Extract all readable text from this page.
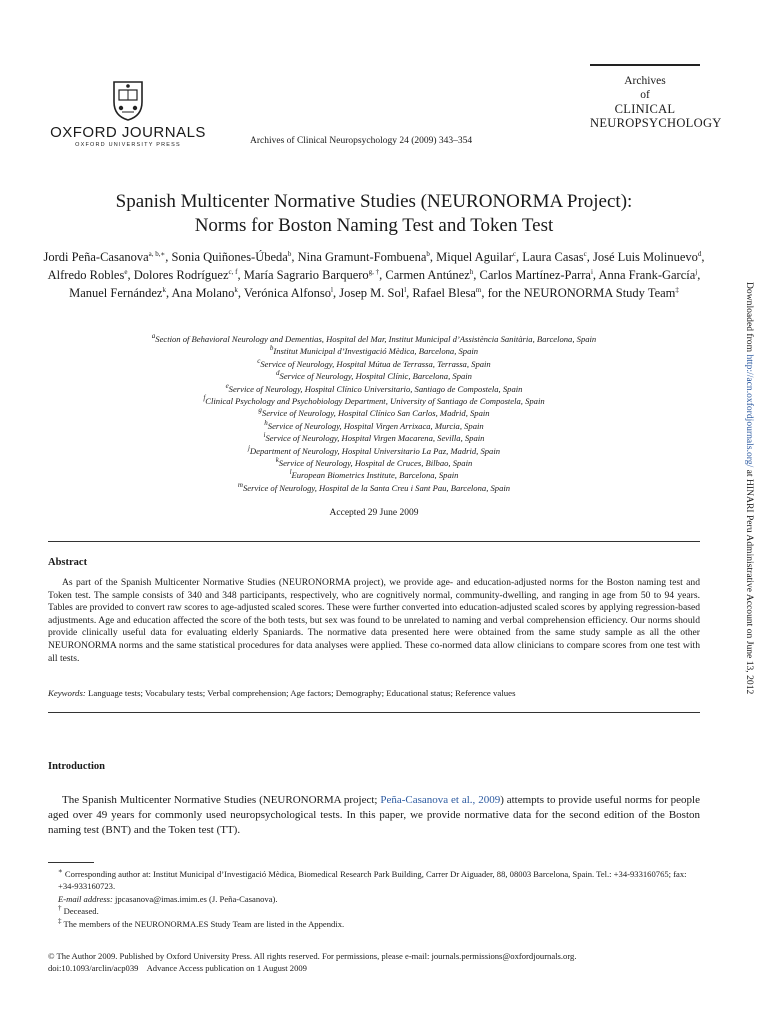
OXFORD JOURNALS
OXFORD UNIVERSITY PRESS	Archives of Clinical Neuropsychology 24 (2009) 343–354
Archives
of
CLINICAL
NEUROPSYCHOLOGY
Spanish Multicenter Normative Studies (NEURONORMA Project):
Norms for Boston Naming Test and Token Test
Jordi Peña-Casanova$^{a, b,∗}$, Sonia Quiñones-Úbeda$^b$, Nina Gramunt-Fombuena$^b$, Miquel Aguilar$^c$, Laura Casas$^c$, José Luis Molinuevo$^d$, Alfredo Robles$^e$, Dolores Rodríguez$^{c, f}$, María Sagrario Barquero$^{g, \dagger}$, Carmen Antúnez$^h$, Carlos Martínez-Parra$^i$, Anna Frank-García$^j$, Manuel Fernández$^k$, Ana Molano$^k$, Verónica Alfonso$^l$, Josep M. Sol$^l$, Rafael Blesa$^m$, for the NEURONORMA Study Team‡
$^a$Section of Behavioral Neurology and Dementias, Hospital del Mar, Institut Municipal d’Assistència Sanitària, Barcelona, Spain
$^b$Institut Municipal d’Investigació Mèdica, Barcelona, Spain
$^c$Service of Neurology, Hospital Mútua de Terrassa, Terrassa, Spain
$^d$Service of Neurology, Hospital Clínic, Barcelona, Spain
$^e$Service of Neurology, Hospital Clínico Universitario, Santiago de Compostela, Spain
$^f$Clinical Psychology and Psychobiology Department, University of Santiago de Compostela, Spain
$^g$Service of Neurology, Hospital Clínico San Carlos, Madrid, Spain
$^h$Service of Neurology, Hospital Virgen Arrixaca, Murcia, Spain
$^i$Service of Neurology, Hospital Virgen Macarena, Sevilla, Spain
$^j$Department of Neurology, Hospital Universitario La Paz, Madrid, Spain
$^k$Service of Neurology, Hospital de Cruces, Bilbao, Spain
$^l$European Biometrics Institute, Barcelona, Spain
$^m$Service of Neurology, Hospital de la Santa Creu i Sant Pau, Barcelona, Spain
Accepted 29 June 2009
Abstract
As part of the Spanish Multicenter Normative Studies (NEURONORMA project), we provide age- and education-adjusted norms for the Boston naming test and Token test. The sample consists of 340 and 348 participants, respectively, who are cognitively normal, community-dwelling, and ranging in age from 50 to 94 years. Tables are provided to convert raw scores to age-adjusted scaled scores. These were further converted into education-adjusted scaled scores by applying regression-based adjustments. Age and education affected the score of the both tests, but sex was found to be unrelated to naming and verbal comprehension efficiency. Our norms should provide clinically useful data for evaluating elderly Spaniards. The normative data presented here were obtained from the same study sample as all the other NEURONORMA norms and the same statistical procedures for data analyses were applied. These co-normed data allow clinicians to compare scores from one test with all tests.
Keywords: Language tests; Vocabulary tests; Verbal comprehension; Age factors; Demography; Educational status; Reference values
Introduction
The Spanish Multicenter Normative Studies (NEURONORMA project; Peña-Casanova et al., 2009) attempts to provide useful norms for people aged over 49 years for commonly used neuropsychological tests. In this paper, we provide normative data for the second edition of the Boston naming test (BNT) and the Token test (TT).

∗ Corresponding author at: Institut Municipal d’Investigació Mèdica, Biomedical Research Park Building, Carrer Dr Aiguader, 88, 08003 Barcelona, Spain. Tel.: +34-933160765; fax: +34-933160723.

E-mail address: jpcasanova@imas.imim.es (J. Peña-Casanova).

† Deceased.

‡ The members of the NEURONORMA.ES Study Team are listed in the Appendix.

© The Author 2009. Published by Oxford University Press. All rights reserved. For permissions, please e-mail: journals.permissions@oxfordjournals.org.

doi:10.1093/arclin/acp039    Advance Access publication on 1 August 2009

Downloaded from http://acn.oxfordjournals.org/ at HINARI Peru Administrative Account on June 13, 2012
